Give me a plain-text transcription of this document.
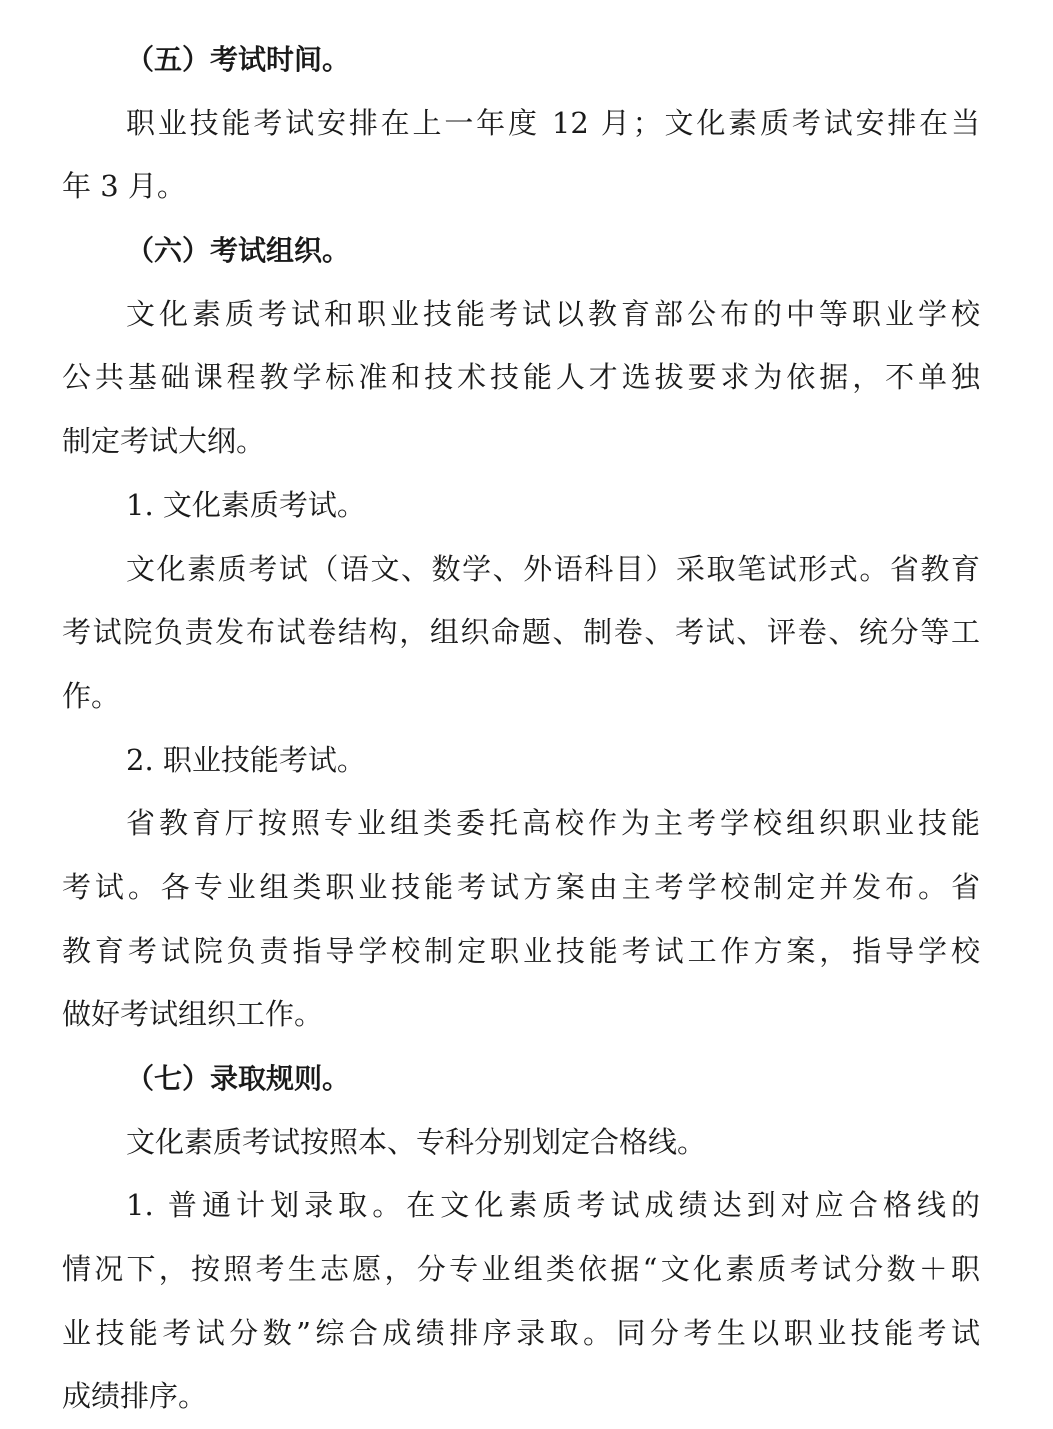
（五）考试时间。
职业技能考试安排在上一年度 12 月；文化素质考试安排在当
年 3 月。
（六）考试组织。
文化素质考试和职业技能考试以教育部公布的中等职业学校
公共基础课程教学标准和技术技能人才选拔要求为依据，不单独
制定考试大纲。
1. 文化素质考试。
文化素质考试（语文、数学、外语科目）采取笔试形式。省教育
考试院负责发布试卷结构，组织命题、制卷、考试、评卷、统分等工
作。
2. 职业技能考试。
省教育厅按照专业组类委托高校作为主考学校组织职业技能
考试。各专业组类职业技能考试方案由主考学校制定并发布。省
教育考试院负责指导学校制定职业技能考试工作方案，指导学校
做好考试组织工作。
（七）录取规则。
文化素质考试按照本、专科分别划定合格线。
1. 普通计划录取。在文化素质考试成绩达到对应合格线的
情况下，按照考生志愿，分专业组类依据“文化素质考试分数＋职
业技能考试分数”综合成绩排序录取。同分考生以职业技能考试
成绩排序。
